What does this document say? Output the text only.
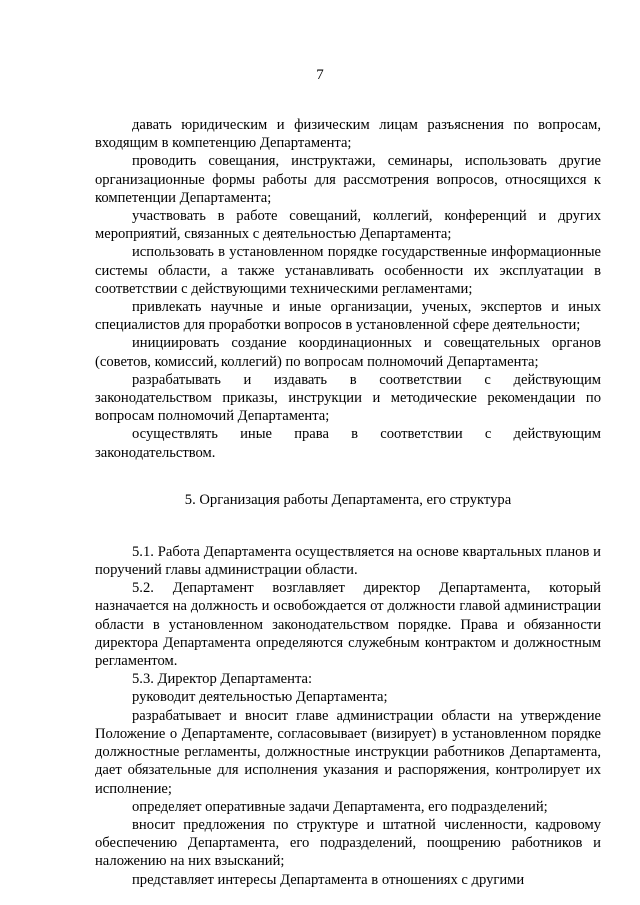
7

давать юридическим и физическим лицам разъяснения по вопросам, входящим в компетенцию Департамента;

проводить совещания, инструктажи, семинары, использовать другие организационные формы работы для рассмотрения вопросов, относящихся к компетенции Департамента;

участвовать в работе совещаний, коллегий, конференций и других мероприятий, связанных с деятельностью Департамента;

использовать в установленном порядке государственные информационные системы области, а также устанавливать особенности их эксплуатации в соответствии с действующими техническими регламентами;

привлекать научные и иные организации, ученых, экспертов и иных специалистов для проработки вопросов в установленной сфере деятельности;

инициировать создание координационных и совещательных органов (советов, комиссий, коллегий) по вопросам полномочий Департамента;

разрабатывать и издавать в соответствии с действующим законодательством приказы, инструкции и методические рекомендации по вопросам полномочий Департамента;

осуществлять иные права в соответствии с действующим законодательством.

5. Организация работы Департамента, его структура

5.1. Работа Департамента осуществляется на основе квартальных планов и поручений главы администрации области.

5.2. Департамент возглавляет директор Департамента, который назначается на должность и освобождается от должности главой администрации области в установленном законодательством порядке. Права и обязанности директора Департамента определяются служебным контрактом и должностным регламентом.

5.3. Директор Департамента:

руководит деятельностью Департамента;

разрабатывает и вносит главе администрации области на утверждение Положение о Департаменте, согласовывает (визирует) в установленном порядке должностные регламенты, должностные инструкции работников Департамента, дает обязательные для исполнения указания и распоряжения, контролирует их исполнение;

определяет оперативные задачи Департамента, его подразделений;

вносит предложения по структуре и штатной численности, кадровому обеспечению Департамента, его подразделений, поощрению работников и наложению на них взысканий;

представляет интересы Департамента в отношениях с другими
